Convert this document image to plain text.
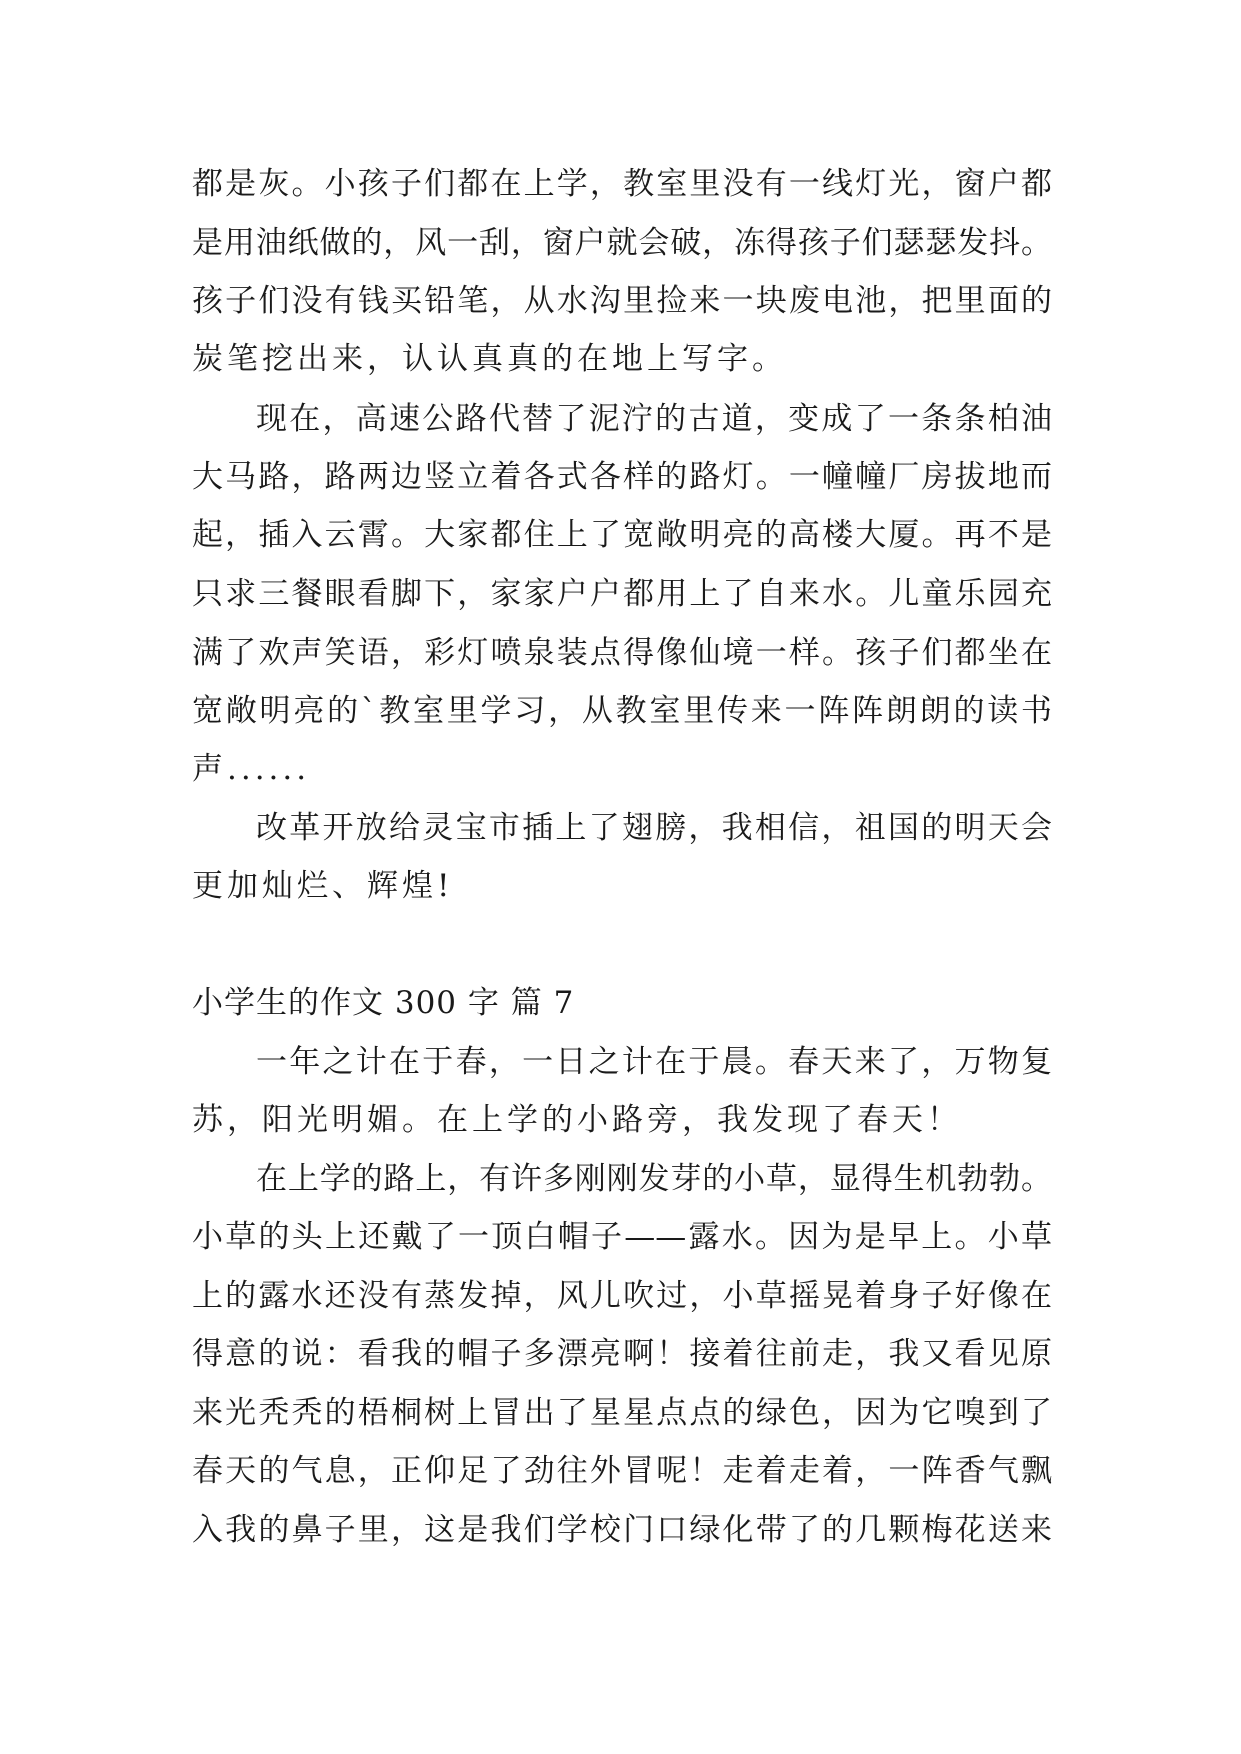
都是灰。小孩子们都在上学，教室里没有一线灯光，窗户都
是用油纸做的，风一刮，窗户就会破，冻得孩子们瑟瑟发抖。
孩子们没有钱买铅笔，从水沟里捡来一块废电池，把里面的
炭笔挖出来，认认真真的在地上写字。
现在，高速公路代替了泥泞的古道，变成了一条条柏油
大马路，路两边竖立着各式各样的路灯。一幢幢厂房拔地而
起，插入云霄。大家都住上了宽敞明亮的高楼大厦。再不是
只求三餐眼看脚下，家家户户都用上了自来水。儿童乐园充
满了欢声笑语，彩灯喷泉装点得像仙境一样。孩子们都坐在
宽敞明亮的`教室里学习，从教室里传来一阵阵朗朗的读书
声......
改革开放给灵宝市插上了翅膀，我相信，祖国的明天会
更加灿烂、辉煌!
小学生的作文 300 字 篇 7
一年之计在于春，一日之计在于晨。春天来了，万物复
苏，阳光明媚。在上学的小路旁，我发现了春天！
在上学的路上，有许多刚刚发芽的小草，显得生机勃勃。
小草的头上还戴了一顶白帽子——露水。因为是早上。小草
上的露水还没有蒸发掉，风儿吹过，小草摇晃着身子好像在
得意的说：看我的帽子多漂亮啊！接着往前走，我又看见原
来光秃秃的梧桐树上冒出了星星点点的绿色，因为它嗅到了
春天的气息，正仰足了劲往外冒呢！走着走着，一阵香气飘
入我的鼻子里，这是我们学校门口绿化带了的几颗梅花送来
